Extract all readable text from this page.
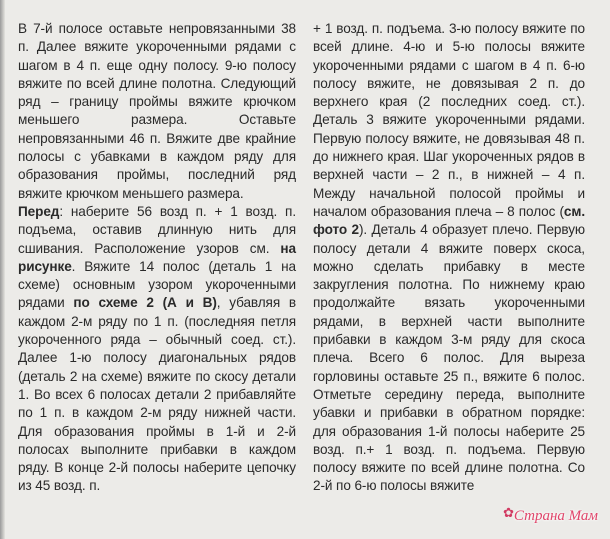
В 7-й полосе оставьте непровязанными 38 п. Далее вяжите укороченными рядами с шагом в 4 п. еще одну полосу. 9-ю полосу вяжите по всей длине полотна. Следующий ряд – границу проймы вяжите крючком меньшего размера. Оставьте непровязанными 46 п. Вяжите две крайние полосы с убавками в каждом ряду для образования проймы, последний ряд вяжите крючком меньшего размера.

Перед: наберите 56 возд п. + 1 возд. п. подъема, оставив длинную нить для сшивания. Расположение узоров см. на рисунке. Вяжите 14 полос (деталь 1 на схеме) основным узором укороченными рядами по схеме 2 (А и В), убавляя в каждом 2-м ряду по 1 п. (последняя петля укороченного ряда – обычный соед. ст.). Далее 1-ю полосу диагональных рядов (деталь 2 на схеме) вяжите по скосу детали 1. Во всех 6 полосах детали 2 прибавляйте по 1 п. в каждом 2-м ряду нижней части. Для образования проймы в 1-й и 2-й полосах выполните прибавки в каждом ряду. В конце 2-й полосы наберите цепочку из 45 возд. п.

+ 1 возд. п. подъема. 3-ю полосу вяжите по всей длине. 4-ю и 5-ю полосы вяжите укороченными рядами с шагом в 4 п. 6-ю полосу вяжите, не довязывая 2 п. до верхнего края (2 последних соед. ст.). Деталь 3 вяжите укороченными рядами. Первую полосу вяжите, не довязывая 48 п. до нижнего края. Шаг укороченных рядов в верхней части – 2 п., в нижней – 4 п. Между начальной полосой проймы и началом образования плеча – 8 полос (см. фото 2). Деталь 4 образует плечо. Первую полосу детали 4 вяжите поверх скоса, можно сделать прибавку в месте закругления полотна. По нижнему краю продолжайте вязать укороченными рядами, в верхней части выполните прибавки в каждом 3-м ряду для скоса плеча. Всего 6 полос. Для выреза горловины оставьте 25 п., вяжите 6 полос. Отметьте середину переда, выполните убавки и прибавки в обратном порядке: для образования 1-й полосы наберите 25 возд. п.+ 1 возд. п. подъема. Первую полосу вяжите по всей длине полотна. Со 2-й по 6-ю полосы вяжите

✿ Страна Мам
